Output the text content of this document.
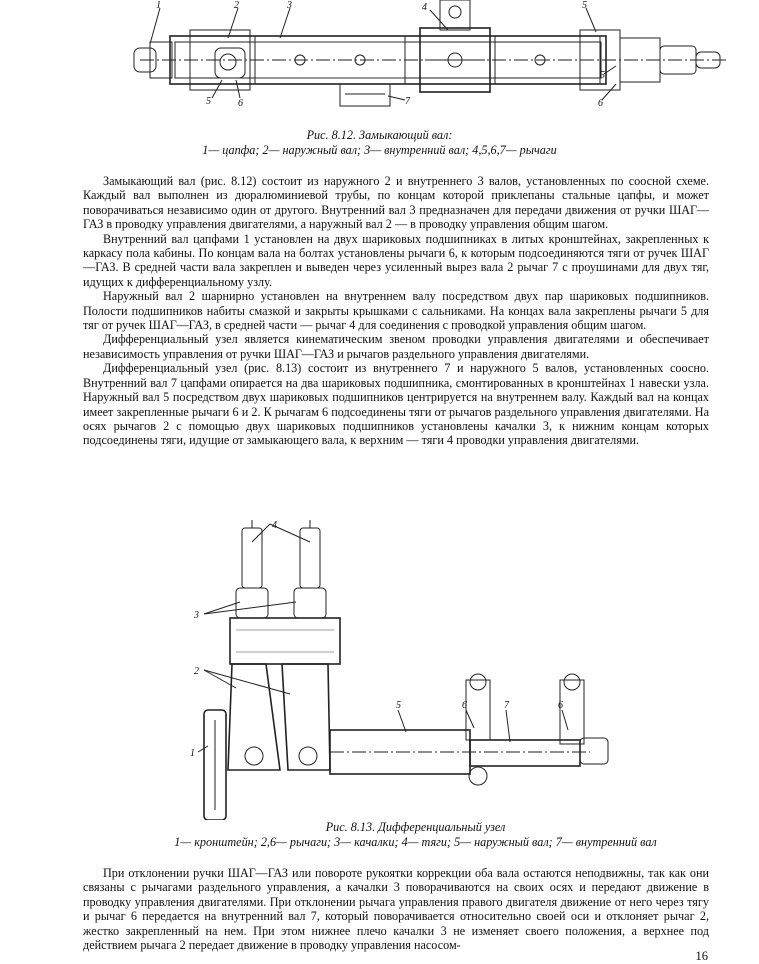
1	2	3	4	5
5	6
5
6
7
Рис. 8.12. Замыкающий вал:
1— цапфа; 2— наружный вал; 3— внутренний вал; 4,5,6,7— рычаги

Замыкающий вал (рис. 8.12) состоит из наружного 2 и внутреннего 3 валов, установленных по соосной схеме. Каждый вал выполнен из дюралюминиевой трубы, по концам которой приклепаны стальные цапфы, и может поворачиваться независимо один от другого. Внутренний вал 3 предназначен для передачи движения от ручки ШАГ—ГАЗ в проводку управления двигателями, а наружный вал 2 — в проводку управления общим шагом.

Внутренний вал цапфами 1 установлен на двух шариковых подшипниках в литых кронштейнах, закрепленных к каркасу пола кабины. По концам вала на болтах установлены рычаги 6, к которым подсоединяются тяги от ручек ШАГ—ГАЗ. В средней части вала закреплен и выведен через усиленный вырез вала 2 рычаг 7 с проушинами для двух тяг, идущих к дифференциальному узлу.

Наружный вал 2 шарнирно установлен на внутреннем валу посредством двух пар шариковых подшипников. Полости подшипников набиты смазкой и закрыты крышками с сальниками. На концах вала закреплены рычаги 5 для тяг от ручек ШАГ—ГАЗ, в средней части — рычаг 4 для соединения с проводкой управления общим шагом.

Дифференциальный узел является кинематическим звеном проводки управления двигателями и обеспечивает независимость управления от ручки ШАГ—ГАЗ и рычагов раздельного управления двигателями.

Дифференциальный узел (рис. 8.13) состоит из внутреннего 7 и наружного 5 валов, установленных соосно. Внутренний вал 7 цапфами опирается на два шариковых подшипника, смонтированных в кронштейнах 1 навески узла. Наружный вал 5 посредством двух шариковых подшипников центрируется на внутреннем валу. Каждый вал на концах имеет закрепленные рычаги 6 и 2. К рычагам 6 подсоединены тяги от рычагов раздельного управления двигателями. На осях рычагов 2 с помощью двух шариковых подшипников установлены качалки 3, к нижним концам которых подсоединены тяги, идущие от замыкающего вала, к верхним — тяги 4 проводки управления двигателями.

4
3
2
1
5	6	7	6
Рис. 8.13. Дифференциальный узел
1— кронштейн; 2,6— рычаги; 3— качалки; 4— тяги; 5— наружный вал; 7— внутренний вал

При отклонении ручки ШАГ—ГАЗ или повороте рукоятки коррекции оба вала остаются неподвижны, так как они связаны с рычагами раздельного управления, а качалки 3 поворачиваются на своих осях и передают движение в проводку управления двигателями. При отклонении рычага управления правого двигателя движение от него через тягу и рычаг 6 передается на внутренний вал 7, который поворачивается относительно своей оси и отклоняет рычаг 2, жестко закрепленный на нем. При этом нижнее плечо качалки 3 не изменяет своего положения, а верхнее под действием рычага 2 передает движение в проводку управления насосом-

16
